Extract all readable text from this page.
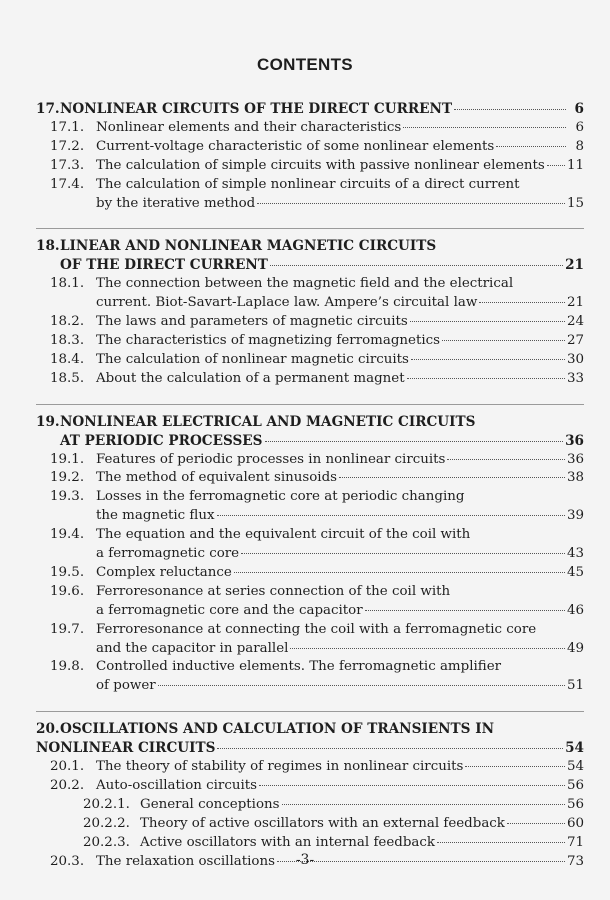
CONTENTS
17. NONLINEAR CIRCUITS OF THE DIRECT CURRENT	6
17.1. Nonlinear elements and their characteristics	6
17.2. Current-voltage characteristic of some nonlinear elements	8
17.3. The calculation of simple circuits with passive nonlinear elements 11
17.4. The calculation of simple nonlinear circuits of a direct current
by the iterative method	15
18. LINEAR AND NONLINEAR MAGNETIC CIRCUITS
OF THE DIRECT CURRENT	21
18.1. The connection between the magnetic field and the electrical
current. Biot-Savart-Laplace law. Ampere’s circuital law	21
18.2. The laws and parameters of magnetic circuits	24
18.3. The characteristics of magnetizing ferromagnetics	27
18.4. The calculation of nonlinear magnetic circuits	30
18.5. About the calculation of a permanent magnet	33
19. NONLINEAR ELECTRICAL AND MAGNETIC CIRCUITS
AT PERIODIC PROCESSES	36
19.1. Features of periodic processes in nonlinear circuits	36
19.2. The method of equivalent sinusoids	38
19.3. Losses in the ferromagnetic core at periodic changing
the magnetic flux	39
19.4. The equation and the equivalent circuit of the coil with
a ferromagnetic core	43
19.5. Complex reluctance	45
19.6. Ferroresonance at series connection of the coil with
a ferromagnetic core and the capacitor	46
19.7. Ferroresonance at connecting the coil with a ferromagnetic core
and the capacitor in parallel	49
19.8. Controlled inductive elements. The ferromagnetic amplifier
of power	51
20. OSCILLATIONS AND CALCULATION OF TRANSIENTS IN
NONLINEAR CIRCUITS	54
20.1. The theory of stability of regimes in nonlinear circuits	54
20.2. Auto-oscillation circuits	56
20.2.1. General conceptions	56
20.2.2. Theory of active oscillators with an external feedback	60
20.2.3. Active oscillators with an internal feedback	71
20.3. The relaxation oscillations	73
-3-
